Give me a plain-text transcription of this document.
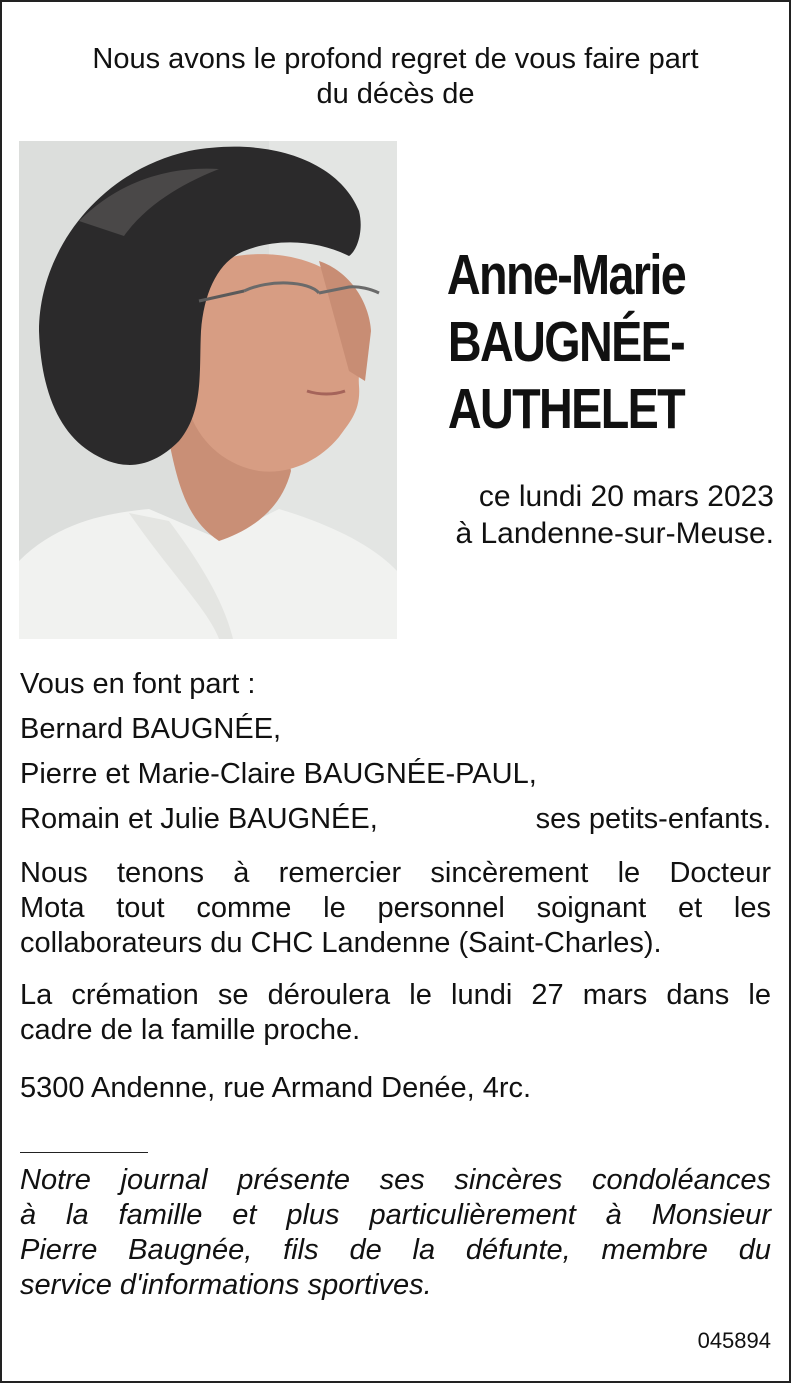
Nous avons le profond regret de vous faire part
du décès de
Anne-Marie
BAUGNÉE-
AUTHELET
ce lundi 20 mars 2023
à Landenne-sur-Meuse.
Vous en font part :
Bernard BAUGNÉE,
Pierre et Marie-Claire BAUGNÉE-PAUL,
Romain et Julie BAUGNÉE,	ses petits-enfants.
Nous tenons à remercier sincèrement le Docteur
Mota tout comme le personnel soignant et les
collaborateurs du CHC Landenne (Saint-Charles).
La crémation se déroulera le lundi 27 mars dans le
cadre de la famille proche.
5300 Andenne, rue Armand Denée, 4rc.
Notre journal présente ses sincères condoléances
à la famille et plus particulièrement à Monsieur
Pierre Baugnée, fils de la défunte, membre du
service d'informations sportives.
045894
